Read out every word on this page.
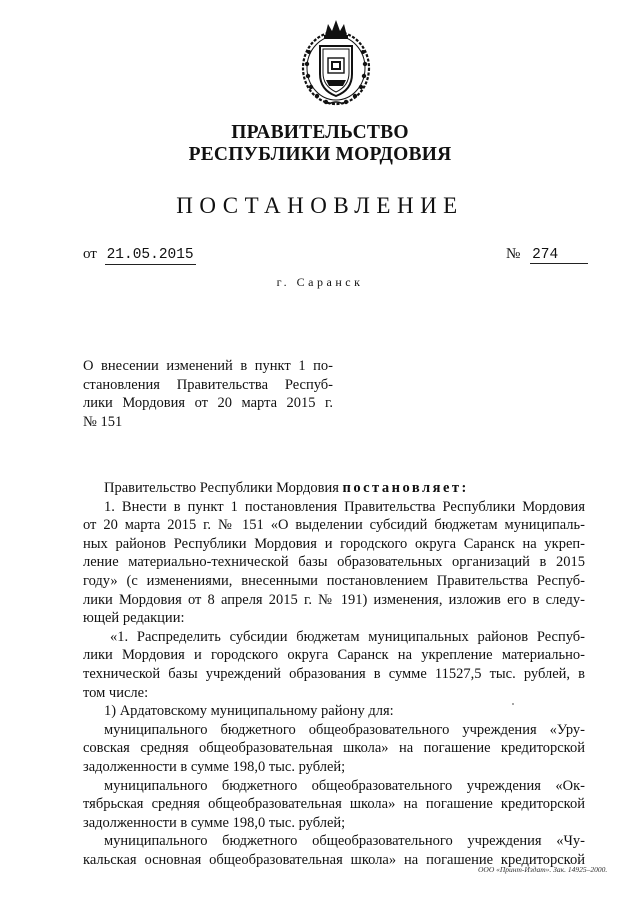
ПРАВИТЕЛЬСТВО
РЕСПУБЛИКИ МОРДОВИЯ
ПОСТАНОВЛЕНИЕ
от 21.05.2015	№ 274
г. Саранск
О внесении изменений в пункт 1 по-
становления Правительства Респуб-
лики Мордовия от 20 марта 2015 г.
№ 151
Правительство Республики Мордовия постановляет:
1. Внести в пункт 1 постановления Правительства Республики Мордовия
от 20 марта 2015 г. № 151 «О выделении субсидий бюджетам муниципаль-
ных районов Республики Мордовия и городского округа Саранск на укреп-
ление материально-технической базы образовательных организаций в 2015
году» (с изменениями, внесенными постановлением Правительства Респуб-
лики Мордовия от 8 апреля 2015 г. № 191) изменения, изложив его в следу-
ющей редакции:
«1. Распределить субсидии бюджетам муниципальных районов Респуб-
лики Мордовия и городского округа Саранск на укрепление материально-
технической базы учреждений образования в сумме 11527,5 тыс. рублей, в
том числе:
1) Ардатовскому муниципальному району для:
муниципального бюджетного общеобразовательного учреждения «Уру-
совская средняя общеобразовательная школа» на погашение кредиторской
задолженности в сумме 198,0 тыс. рублей;
муниципального бюджетного общеобразовательного учреждения «Ок-
тябрьская средняя общеобразовательная школа» на погашение кредиторской
задолженности в сумме 198,0 тыс. рублей;
муниципального бюджетного общеобразовательного учреждения «Чу-
кальская основная общеобразовательная школа» на погашение кредиторской
ООО «Принт-Издат». Зак. 14925–2000.
